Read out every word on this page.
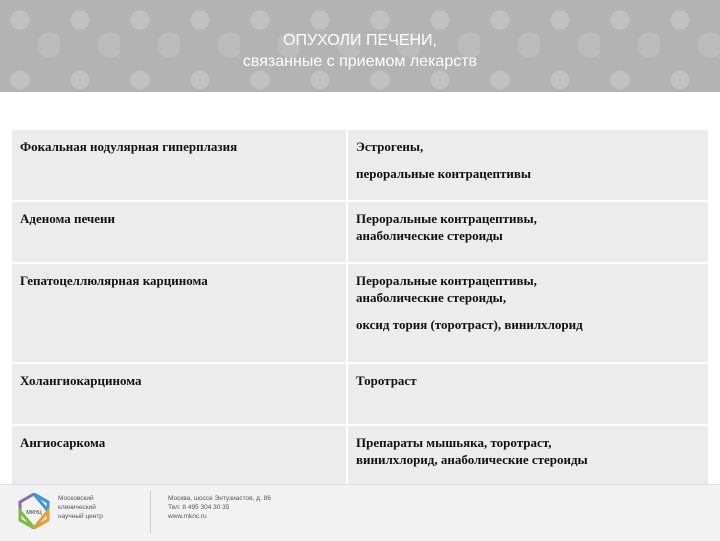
ОПУХОЛИ ПЕЧЕНИ,
связанные с приемом лекарств
Фокальная нодулярная гиперплазия	Эстрогены,
пероральные контрацептивы
Аденома печени	Пероральные контрацептивы,
анаболические стероиды
Гепатоцеллюлярная карцинома	Пероральные контрацептивы,
анаболические стероиды,
оксид тория (торотраст), винилхлорид
Холангиокарцинома	Торотраст
Ангиосаркома	Препараты мышьяка, торотраст,
винилхлорид, анаболические стероиды
мкнц
Московский
клинический
научный центр
Москва, шоссе Энтузиастов, д. 86
Тел: 8 495 304 30 35
www.mknc.ru
